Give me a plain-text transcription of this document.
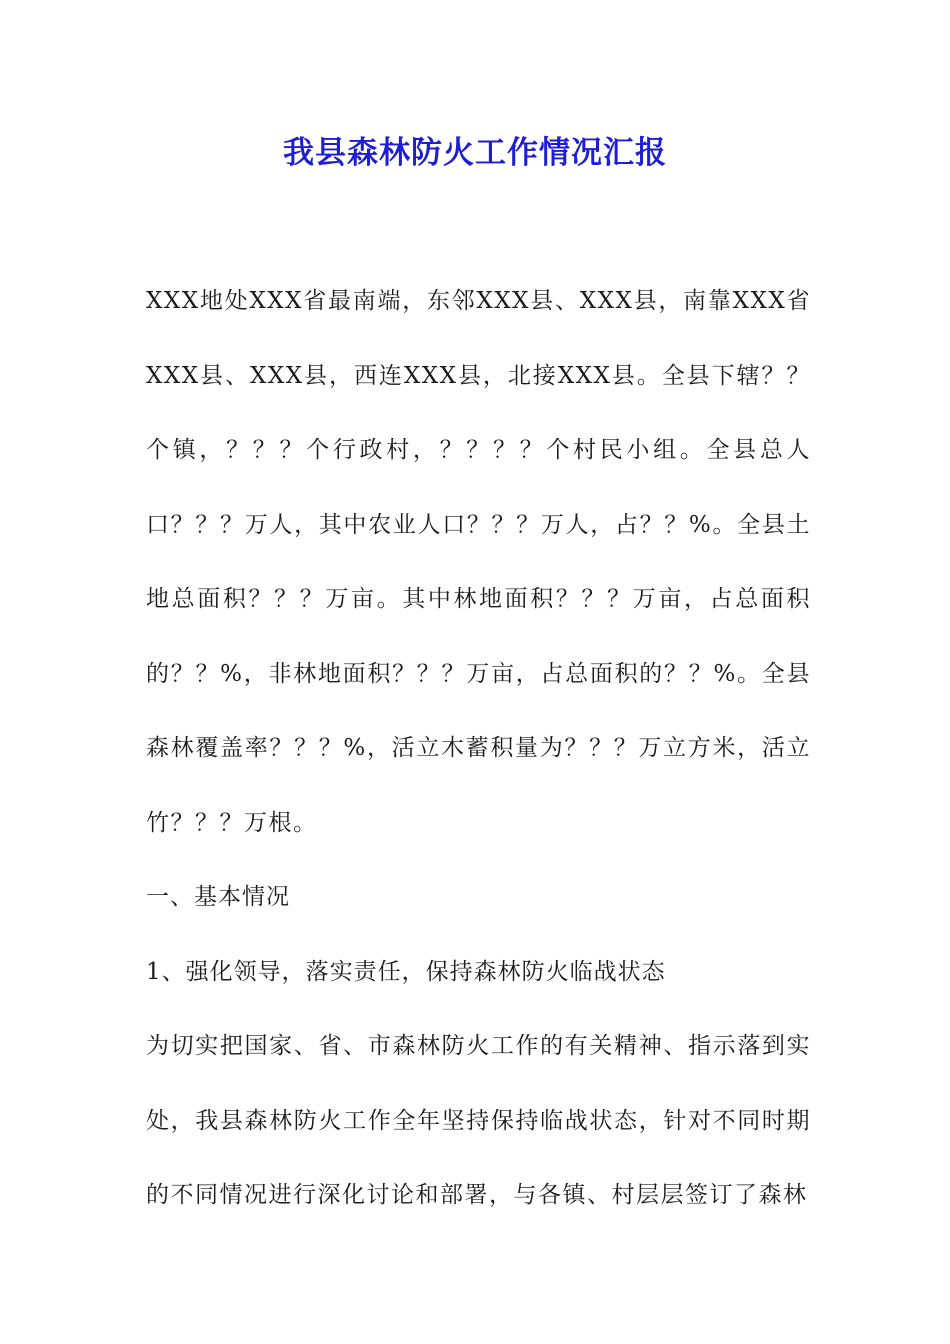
我县森林防火工作情况汇报

XXX地处XXX省最南端，东邻XXX县、XXX县，南靠XXX省XXX县、XXX县，西连XXX县，北接XXX县。全县下辖？？个镇，？？？个行政村，？？？？个村民小组。全县总人口？？？万人，其中农业人口？？？万人，占？？%。全县土地总面积？？？万亩。其中林地面积？？？万亩，占总面积的？？%，非林地面积？？？万亩，占总面积的？？%。全县森林覆盖率？？？%，活立木蓄积量为？？？万立方米，活立竹？？？万根。

一、基本情况

1、强化领导，落实责任，保持森林防火临战状态

为切实把国家、省、市森林防火工作的有关精神、指示落到实处，我县森林防火工作全年坚持保持临战状态，针对不同时期的不同情况进行深化讨论和部署，与各镇、村层层签订了森林
